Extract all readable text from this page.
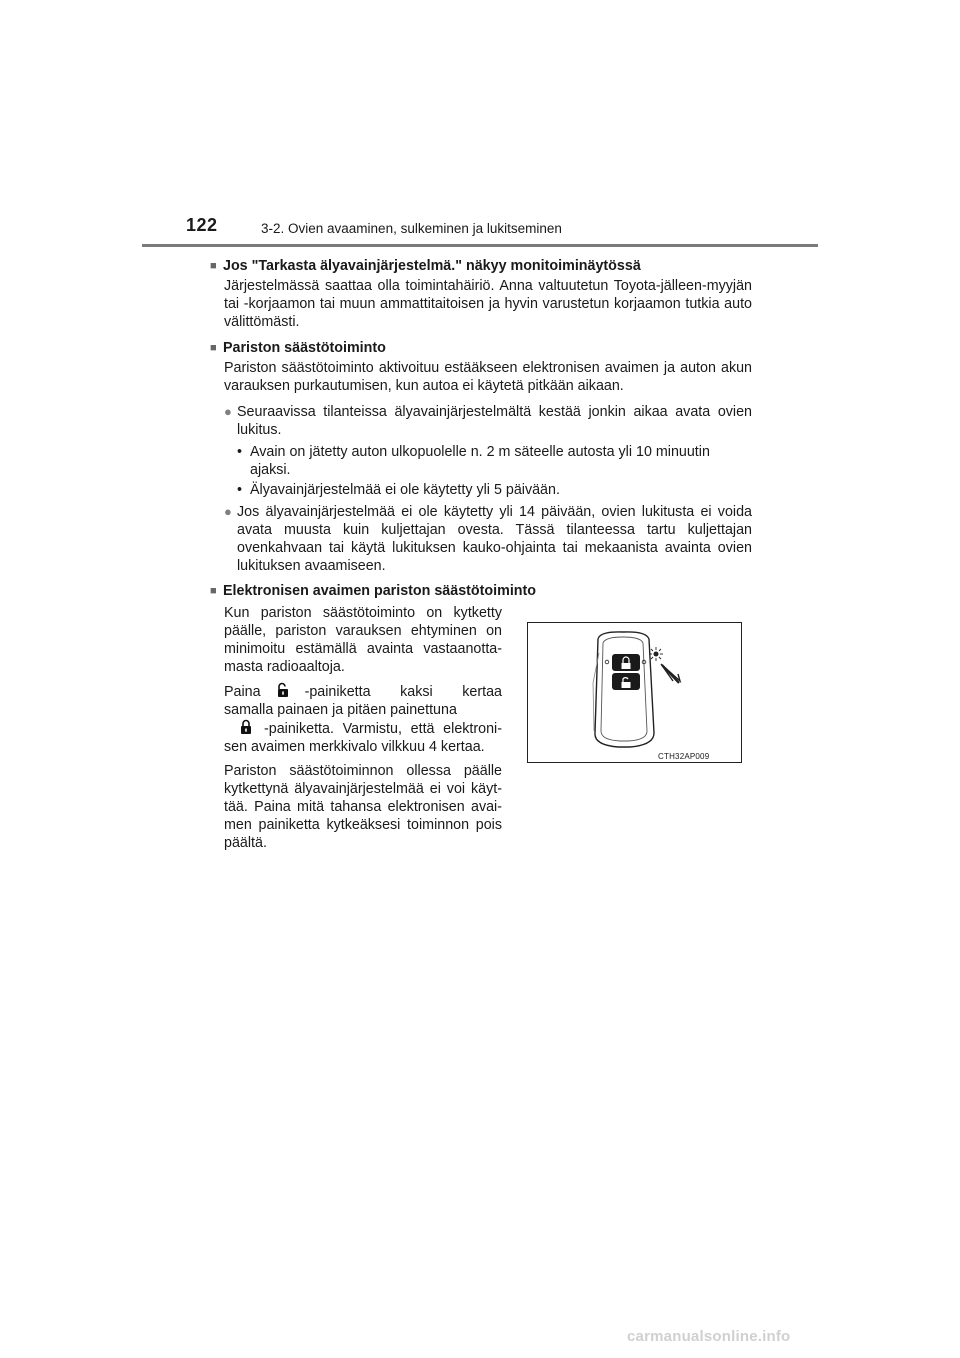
122	3-2. Ovien avaaminen, sulkeminen ja lukitseminen
■ Jos "Tarkasta älyavainjärjestelmä." näkyy monitoiminäytössä

Järjestelmässä saattaa olla toimintahäiriö. Anna valtuutetun Toyota-jälleen-myyjän tai -korjaamon tai muun ammattitaitoisen ja hyvin varustetun korjaamon tutkia auto välittömästi.

■ Pariston säästötoiminto

Pariston säästötoiminto aktivoituu estääkseen elektronisen avaimen ja auton akun varauksen purkautumisen, kun autoa ei käytetä pitkään aikaan.

● Seuraavissa tilanteissa älyavainjärjestelmältä kestää jonkin aikaa avata ovien lukitus.
• Avain on jätetty auton ulkopuolelle n. 2 m säteelle autosta yli 10 minuutin ajaksi.
• Älyavainjärjestelmää ei ole käytetty yli 5 päivään.
● Jos älyavainjärjestelmää ei ole käytetty yli 14 päivään, ovien lukitusta ei voida avata muusta kuin kuljettajan ovesta. Tässä tilanteessa tartu kuljettajan ovenkahvaan tai käytä lukituksen kauko-ohjainta tai mekaanista avainta ovien lukituksen avaamiseen.
■ Elektronisen avaimen pariston säästötoiminto

Kun pariston säästötoiminto on kytketty päälle, pariston varauksen ehtyminen on minimoitu estämällä avainta vastaanotta-masta radioaaltoja.

Paina	-painiketta kaksi kertaa samalla painaen ja pitäen painettuna
-painiketta. Varmistu, että elektroni-sen avaimen merkkivalo vilkkuu 4 kertaa.

Pariston säästötoiminnon ollessa päälle kytkettynä älyavainjärjestelmää ei voi käyt-tää. Paina mitä tahansa elektronisen avai-men painiketta kytkeäksesi toiminnon pois päältä.

CTH32AP009
carmanualsonline.info
